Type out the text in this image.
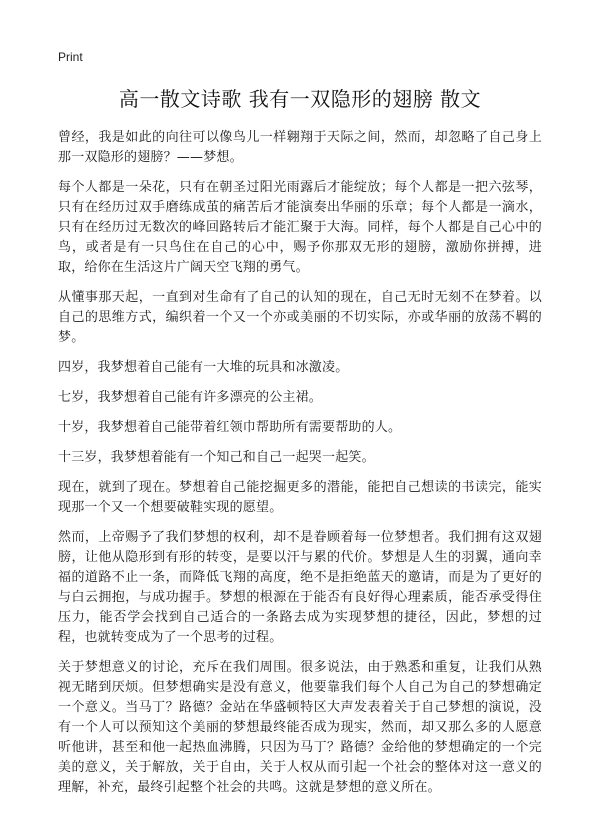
Print
高一散文诗歌 我有一双隐形的翅膀 散文

曾经，我是如此的向往可以像鸟儿一样翱翔于天际之间，然而，却忽略了自己身上那一双隐形的翅膀？——梦想。

每个人都是一朵花，只有在朝圣过阳光雨露后才能绽放；每个人都是一把六弦琴，只有在经历过双手磨练成茧的痛苦后才能演奏出华丽的乐章；每个人都是一滴水，只有在经历过无数次的峰回路转后才能汇聚于大海。同样，每个人都是自己心中的鸟，或者是有一只鸟住在自己的心中，赐予你那双无形的翅膀，激励你拼搏，进取，给你在生活这片广阔天空飞翔的勇气。

从懂事那天起，一直到对生命有了自己的认知的现在，自己无时无刻不在梦着。以自己的思维方式，编织着一个又一个亦或美丽的不切实际，亦或华丽的放荡不羁的梦。

四岁，我梦想着自己能有一大堆的玩具和冰激凌。

七岁，我梦想着自己能有许多漂亮的公主裙。

十岁，我梦想着自己能带着红领巾帮助所有需要帮助的人。

十三岁，我梦想着能有一个知己和自己一起哭一起笑。

现在，就到了现在。梦想着自己能挖掘更多的潜能，能把自己想读的书读完，能实现那一个又一个想要破鞋实现的愿望。

然而，上帝赐予了我们梦想的权利，却不是眷顾着每一位梦想者。我们拥有这双翅膀，让他从隐形到有形的转变，是要以汗与累的代价。梦想是人生的羽翼，通向幸福的道路不止一条，而降低飞翔的高度，绝不是拒绝蓝天的邀请，而是为了更好的与白云拥抱，与成功握手。梦想的根源在于能否有良好得心理素质，能否承受得住压力，能否学会找到自己适合的一条路去成为实现梦想的捷径，因此，梦想的过程，也就转变成为了一个思考的过程。

关于梦想意义的讨论，充斥在我们周围。很多说法，由于熟悉和重复，让我们从熟视无睹到厌烦。但梦想确实是没有意义，他要靠我们每个人自己为自己的梦想确定一个意义。当马丁？路德？金站在华盛顿特区大声发表着关于自己梦想的演说，没有一个人可以预知这个美丽的梦想最终能否成为现实，然而，却又那么多的人愿意听他讲，甚至和他一起热血沸腾，只因为马丁？路德？金给他的梦想确定的一个完美的意义，关于解放，关于自由，关于人权从而引起一个社会的整体对这一意义的理解，补充，最终引起整个社会的共鸣。这就是梦想的意义所在。
